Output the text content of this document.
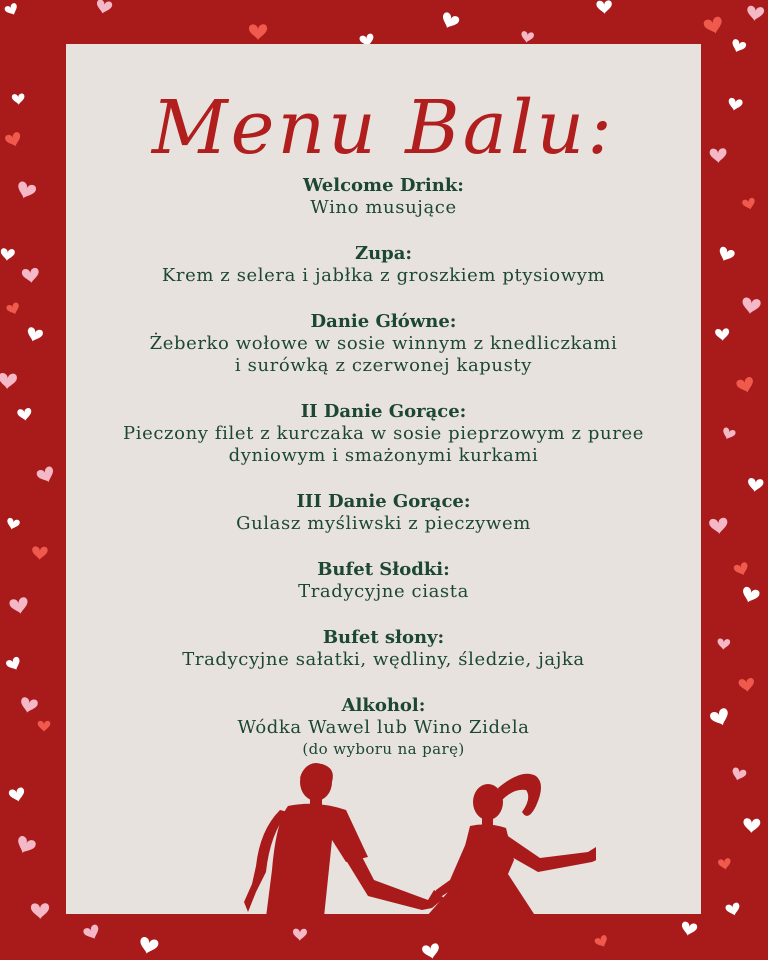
Menu Balu:
Welcome Drink:
Wino musujące
Zupa:
Krem z selera i jabłka z groszkiem ptysiowym
Danie Główne:
Żeberko wołowe w sosie winnym z knedliczkami
i surówką z czerwonej kapusty
II Danie Gorące:
Pieczony filet z kurczaka w sosie pieprzowym z puree
dyniowym i smażonymi kurkami
III Danie Gorące:
Gulasz myśliwski z pieczywem
Bufet Słodki:
Tradycyjne ciasta
Bufet słony:
Tradycyjne sałatki, wędliny, śledzie, jajka
Alkohol:
Wódka Wawel lub Wino Zidela
(do wyboru na parę)
